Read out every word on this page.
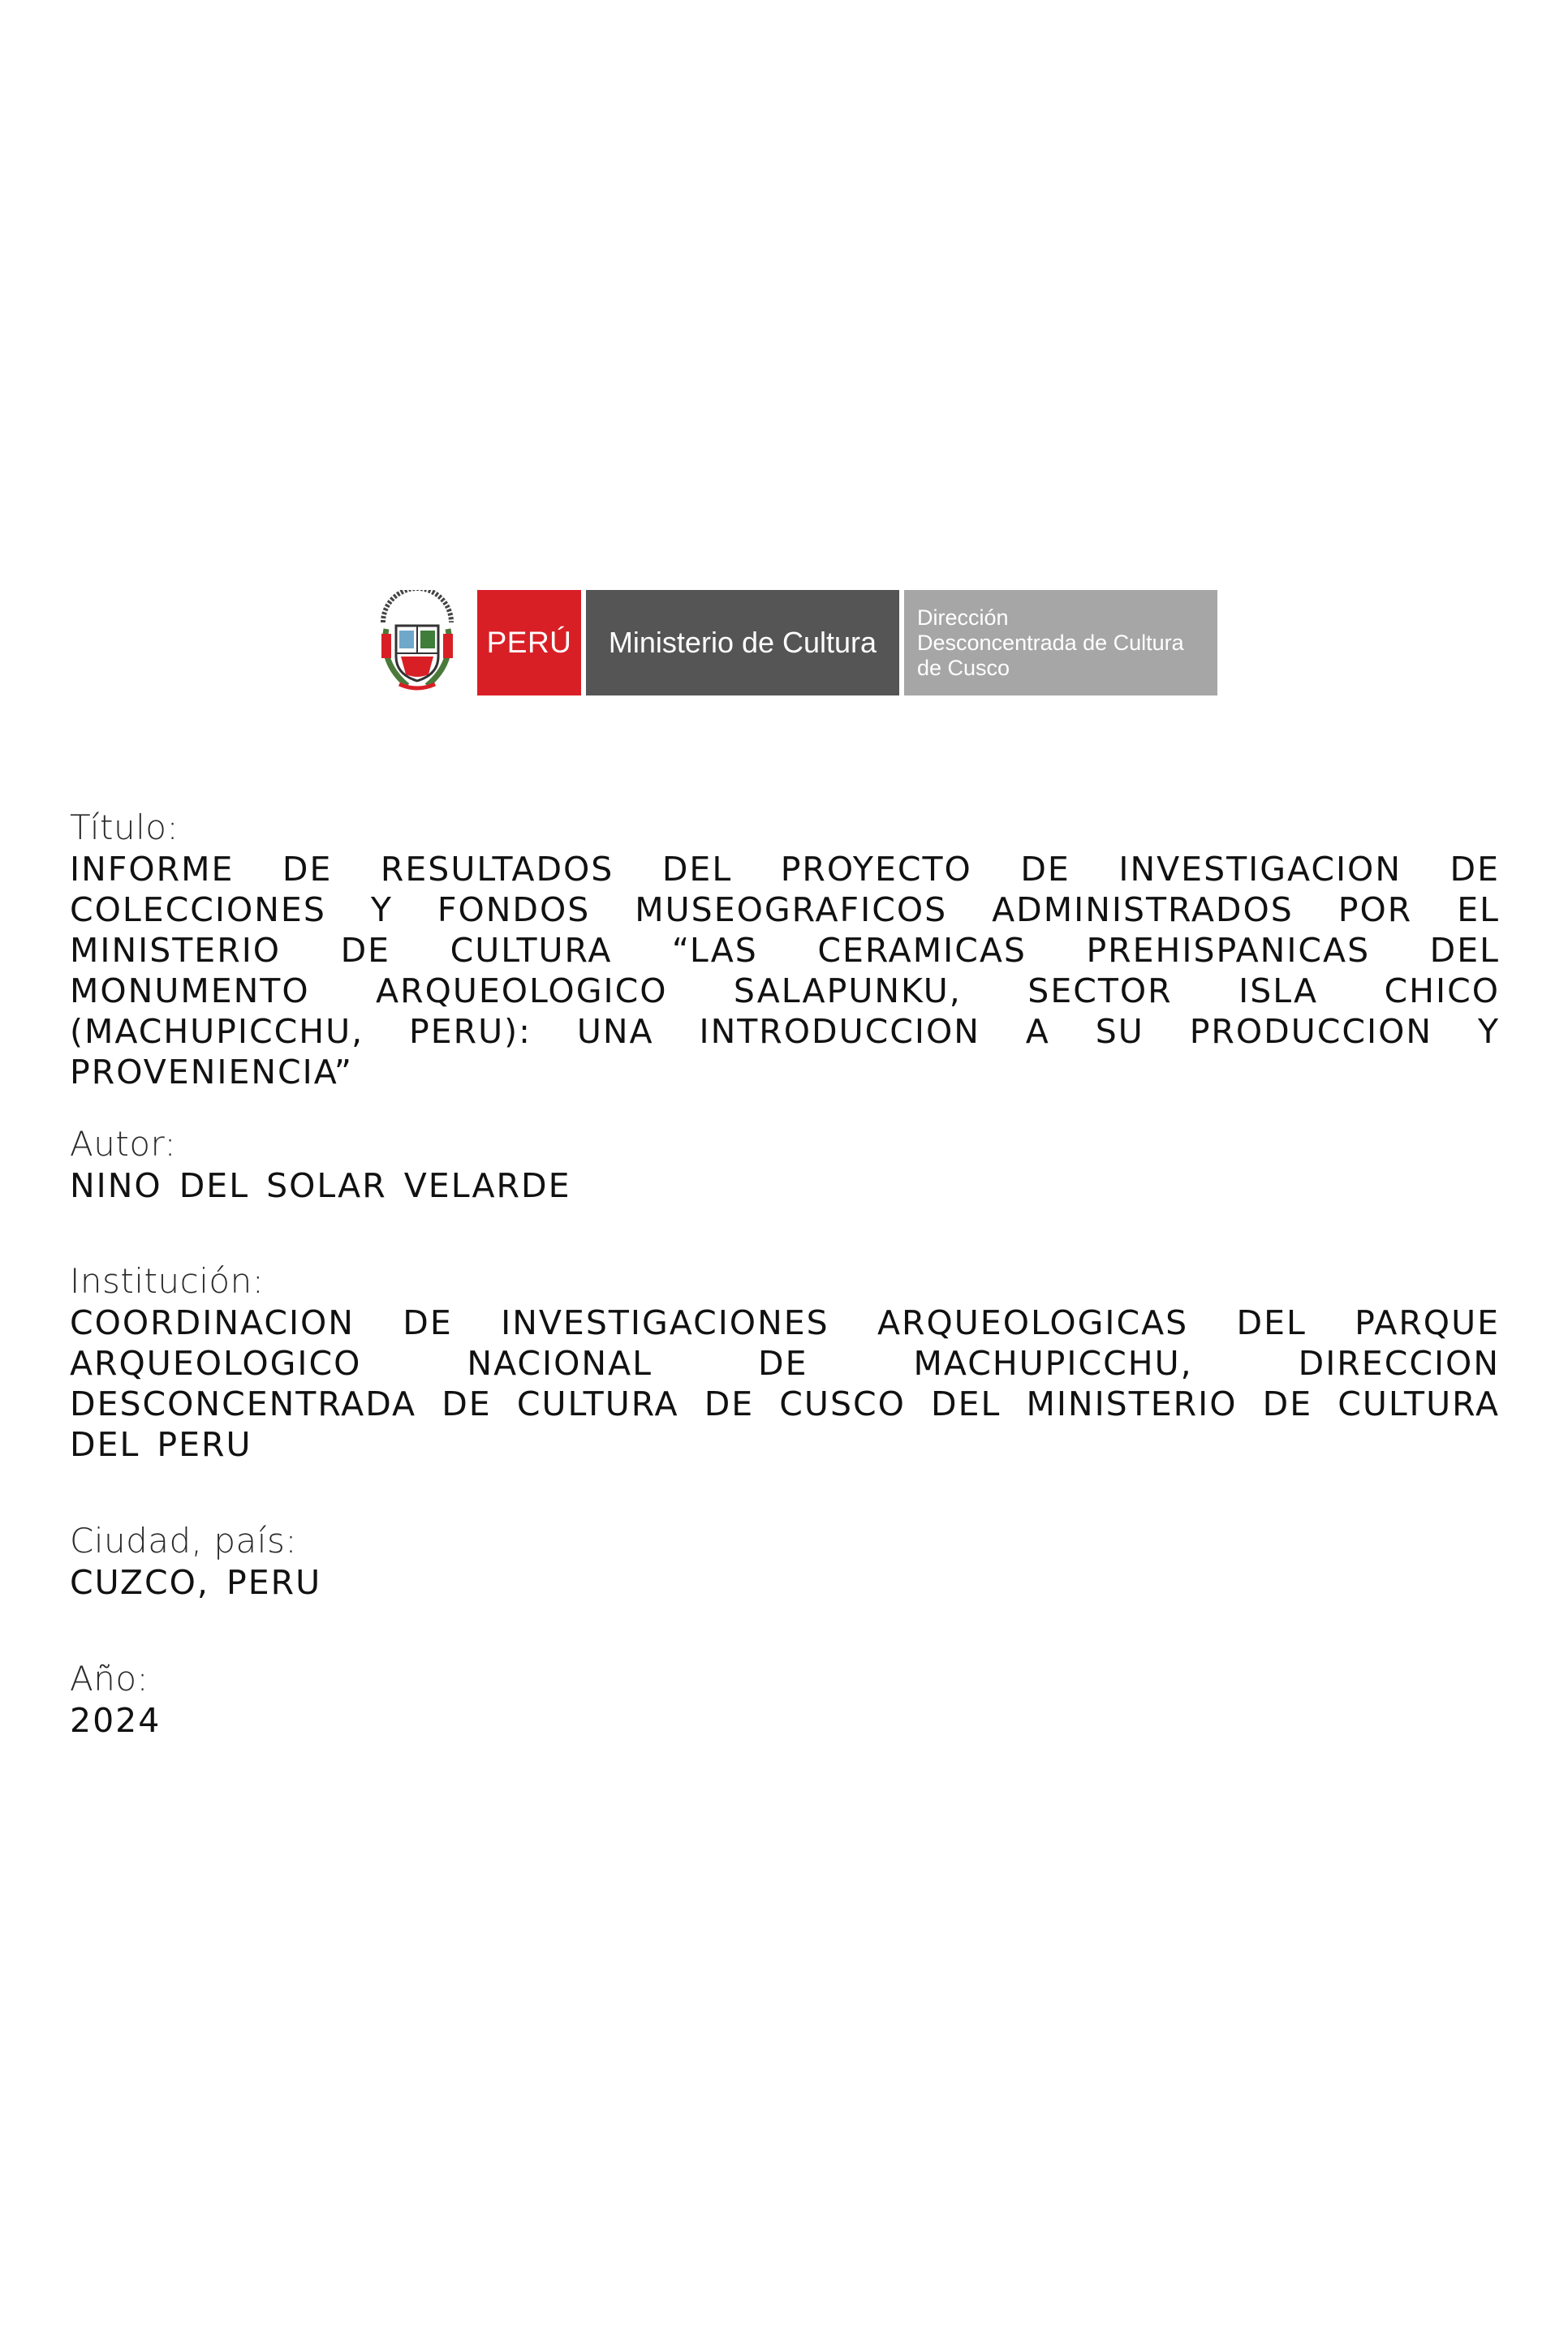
PERÚ	Ministerio de Cultura
Dirección
Desconcentrada de Cultura
de Cusco
Título:
INFORME DE RESULTADOS DEL PROYECTO DE INVESTIGACION DE COLECCIONES Y FONDOS MUSEOGRAFICOS ADMINISTRADOS POR EL MINISTERIO DE CULTURA “LAS CERAMICAS PREHISPANICAS DEL MONUMENTO ARQUEOLOGICO SALAPUNKU, SECTOR ISLA CHICO (MACHUPICCHU, PERU): UNA INTRODUCCION A SU PRODUCCION Y PROVENIENCIA”
Autor:
NINO DEL SOLAR VELARDE
Institución:
COORDINACION DE INVESTIGACIONES ARQUEOLOGICAS DEL PARQUE ARQUEOLOGICO NACIONAL DE MACHUPICCHU, DIRECCION DESCONCENTRADA DE CULTURA DE CUSCO DEL MINISTERIO DE CULTURA DEL PERU
Ciudad, país:
CUZCO, PERU
Año:
2024
